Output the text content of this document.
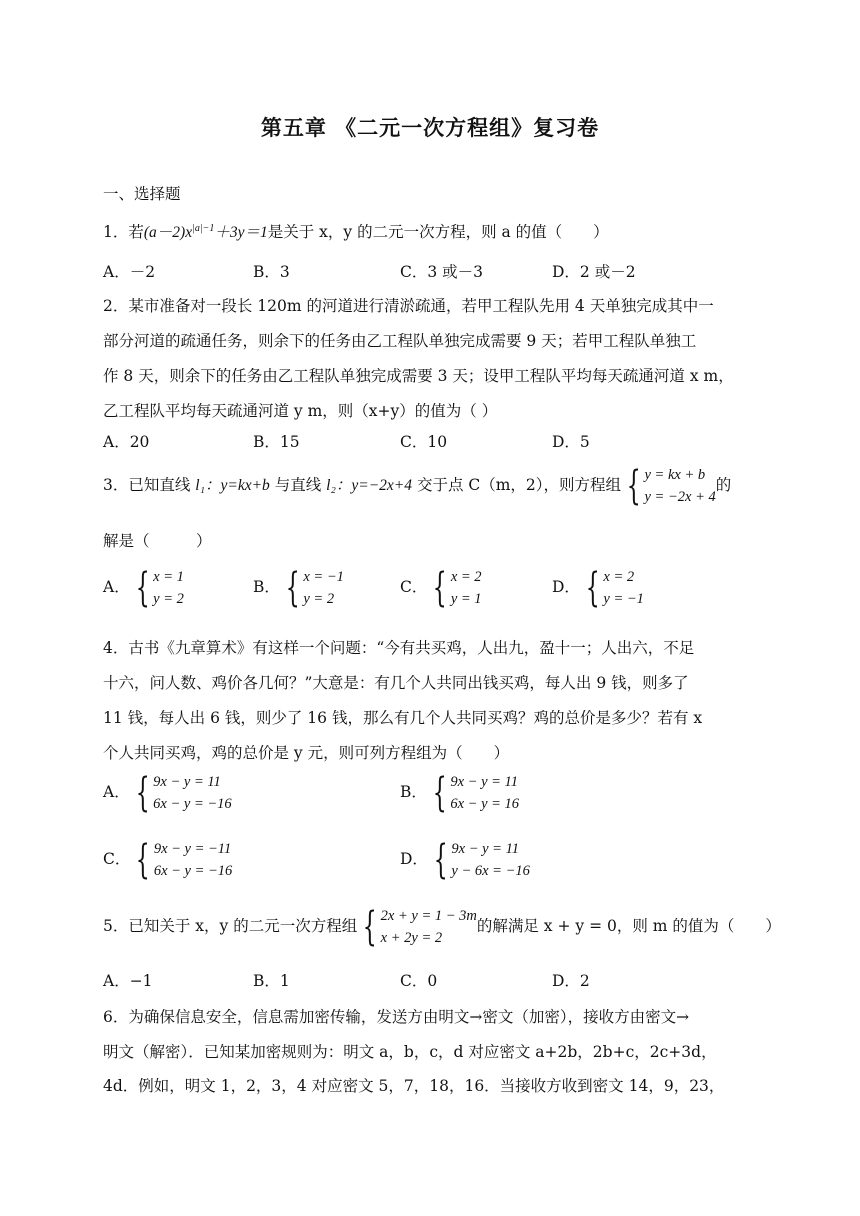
第五章 《二元一次方程组》复习卷
一、选择题
1．若$(a-2)x^{|a|-1}+3y=1$是关于 x，y 的二元一次方程，则 a 的值（　　）
A．－2	B．3	C．3 或－3	D．2 或－2
2．某市准备对一段长 120m 的河道进行清淤疏通，若甲工程队先用 4 天单独完成其中一
部分河道的疏通任务，则余下的任务由乙工程队单独完成需要 9 天；若甲工程队单独工
作 8 天，则余下的任务由乙工程队单独完成需要 3 天；设甲工程队平均每天疏通河道 x m，
乙工程队平均每天疏通河道 y m，则（x+y）的值为（ ）
A．20	B．15	C．10	D．5
3．已知直线 l₁：y=kx+b 与直线 l₂：y=−2x+4 交于点 C（m，2），则方程组 { y = kx + b
y = −2x + 4
的
解是（　　　）
A． { x = 1
y = 2
B． { x = −1
y = 2
C． { x = 2
y = 1
D． { x = 2
y = −1
4．古书《九章算术》有这样一个问题：“今有共买鸡，人出九，盈十一；人出六，不足
十六，问人数、鸡价各几何？”大意是：有几个人共同出钱买鸡，每人出 9 钱，则多了
11 钱，每人出 6 钱，则少了 16 钱，那么有几个人共同买鸡？鸡的总价是多少？若有 x
个人共同买鸡，鸡的总价是 y 元，则可列方程组为（　　）
A． { 9x − y = 11
6x − y = −16
B． { 9x − y = 11
6x − y = 16
C． { 9x − y = −11
6x − y = −16
D． { 9x − y = 11
y − 6x = −16
5．已知关于 x，y 的二元一次方程组 { 2x + y = 1 − 3m
x + 2y = 2
的解满足 x + y = 0，则 m 的值为（　　）
A．−1	B．1	C．0	D．2
6．为确保信息安全，信息需加密传输，发送方由明文→密文（加密），接收方由密文→
明文（解密）．已知某加密规则为：明文 a，b，c，d 对应密文 a+2b，2b+c，2c+3d，
4d．例如，明文 1，2，3，4 对应密文 5，7，18，16．当接收方收到密文 14，9，23，
